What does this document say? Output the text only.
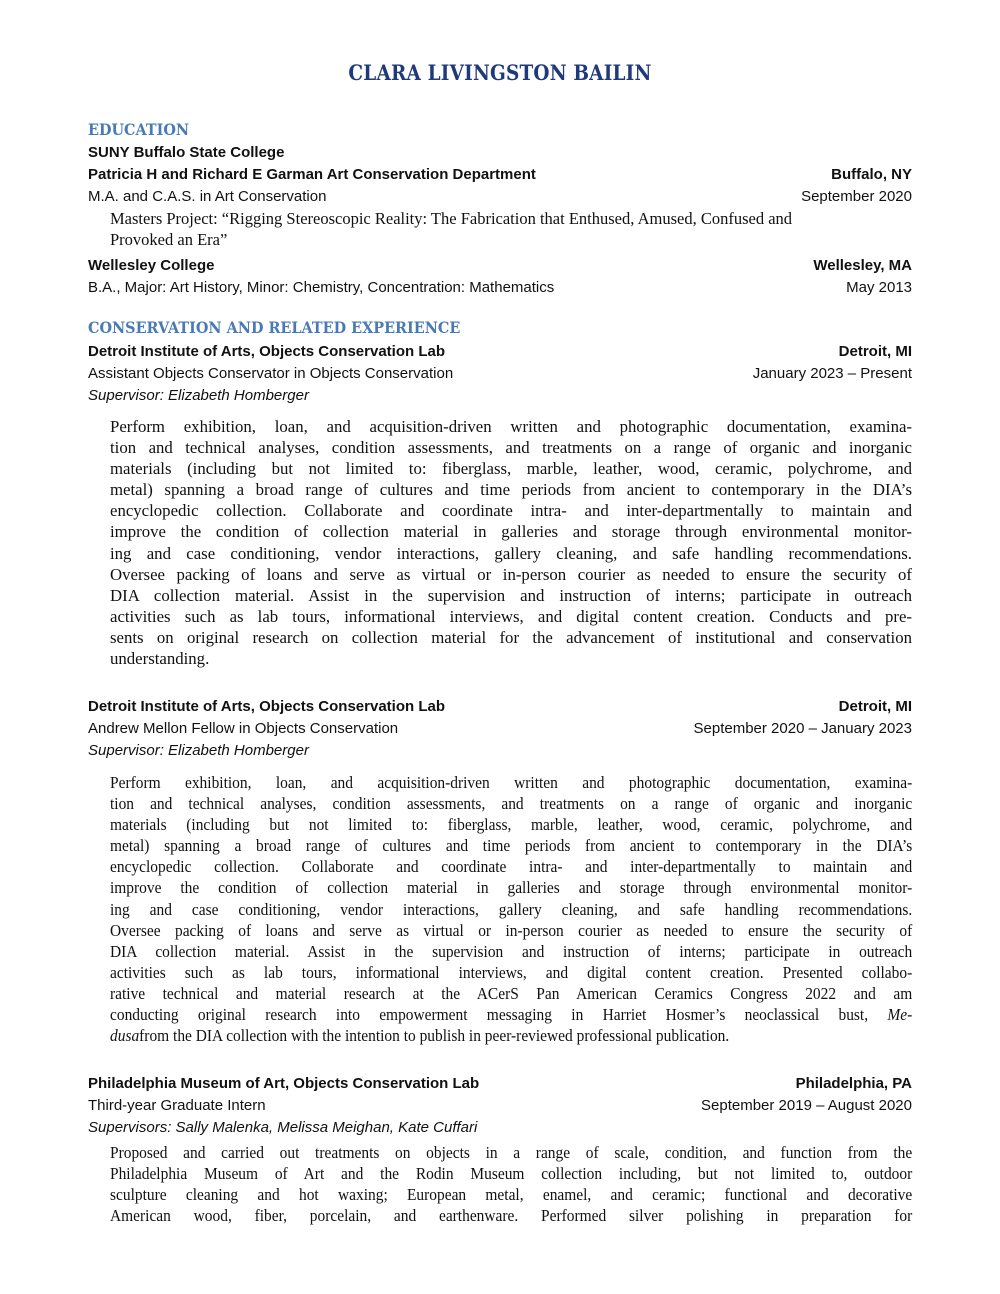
CLARA LIVINGSTON BAILIN
EDUCATION
SUNY Buffalo State College
Patricia H and Richard E Garman Art Conservation Department	Buffalo, NY
M.A. and C.A.S. in Art Conservation	September 2020
Masters Project: “Rigging Stereoscopic Reality: The Fabrication that Enthused, Amused, Confused and
Provoked an Era”
Wellesley College	Wellesley, MA
B.A., Major: Art History, Minor: Chemistry, Concentration: Mathematics	May 2013
CONSERVATION AND RELATED EXPERIENCE
Detroit Institute of Arts, Objects Conservation Lab	Detroit, MI
Assistant Objects Conservator in Objects Conservation	January 2023 – Present
Supervisor: Elizabeth Homberger
Perform exhibition, loan, and acquisition-driven written and photographic documentation, examina-
tion and technical analyses, condition assessments, and treatments on a range of organic and inorganic
materials (including but not limited to: fiberglass, marble, leather, wood, ceramic, polychrome, and
metal) spanning a broad range of cultures and time periods from ancient to contemporary in the DIA’s
encyclopedic collection. Collaborate and coordinate intra- and inter-departmentally to maintain and
improve the condition of collection material in galleries and storage through environmental monitor-
ing and case conditioning, vendor interactions, gallery cleaning, and safe handling recommendations.
Oversee packing of loans and serve as virtual or in-person courier as needed to ensure the security of
DIA collection material. Assist in the supervision and instruction of interns; participate in outreach
activities such as lab tours, informational interviews, and digital content creation. Conducts and pre-
sents on original research on collection material for the advancement of institutional and conservation
understanding.
Detroit Institute of Arts, Objects Conservation Lab	Detroit, MI
Andrew Mellon Fellow in Objects Conservation	September 2020 – January 2023
Supervisor: Elizabeth Homberger
Perform exhibition, loan, and acquisition-driven written and photographic documentation, examina-
tion and technical analyses, condition assessments, and treatments on a range of organic and inorganic
materials (including but not limited to: fiberglass, marble, leather, wood, ceramic, polychrome, and
metal) spanning a broad range of cultures and time periods from ancient to contemporary in the DIA’s
encyclopedic collection. Collaborate and coordinate intra- and inter-departmentally to maintain and
improve the condition of collection material in galleries and storage through environmental monitor-
ing and case conditioning, vendor interactions, gallery cleaning, and safe handling recommendations.
Oversee packing of loans and serve as virtual or in-person courier as needed to ensure the security of
DIA collection material. Assist in the supervision and instruction of interns; participate in outreach
activities such as lab tours, informational interviews, and digital content creation. Presented collabo-
rative technical and material research at the ACerS Pan American Ceramics Congress 2022 and am
conducting original research into empowerment messaging in Harriet Hosmer’s neoclassical bust, Me-
dusafrom the DIA collection with the intention to publish in peer-reviewed professional publication.
Philadelphia Museum of Art, Objects Conservation Lab	Philadelphia, PA
Third-year Graduate Intern	September 2019 – August 2020
Supervisors: Sally Malenka, Melissa Meighan, Kate Cuffari
Proposed and carried out treatments on objects in a range of scale, condition, and function from the
Philadelphia Museum of Art and the Rodin Museum collection including, but not limited to, outdoor
sculpture cleaning and hot waxing; European metal, enamel, and ceramic; functional and decorative
American wood, fiber, porcelain, and earthenware. Performed silver polishing in preparation for
